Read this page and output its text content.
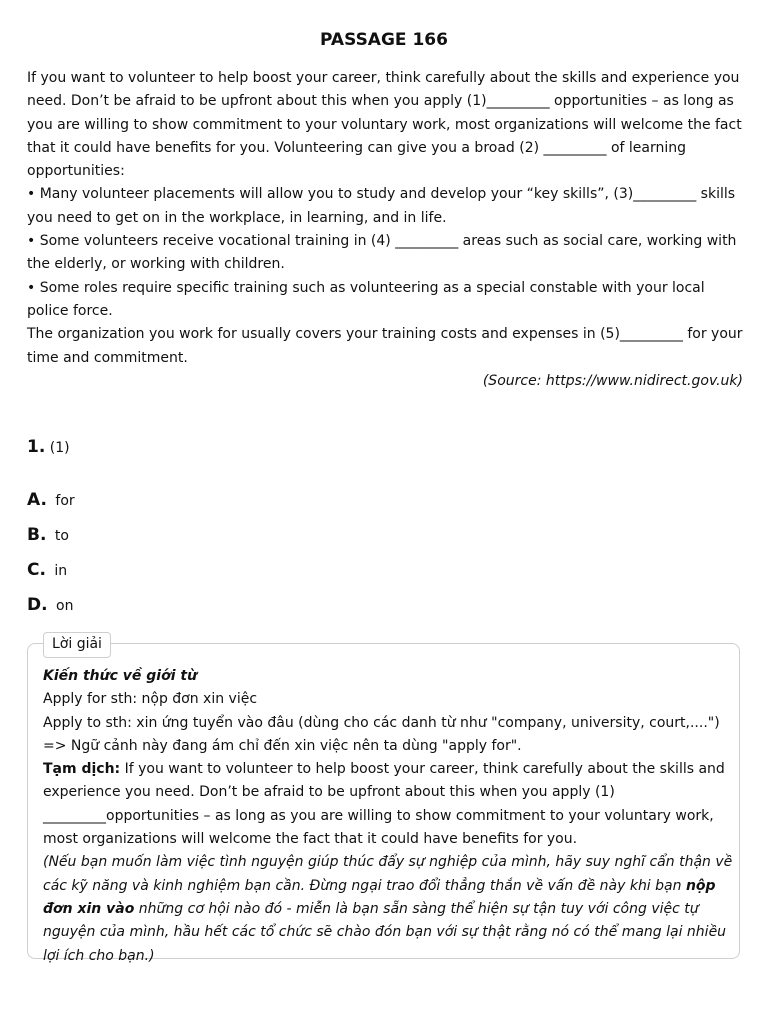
PASSAGE 166

If you want to volunteer to help boost your career, think carefully about the skills and experience you need. Don’t be afraid to be upfront about this when you apply (1)_________ opportunities – as long as you are willing to show commitment to your voluntary work, most organizations will welcome the fact that it could have benefits for you. Volunteering can give you a broad (2) _________ of learning opportunities:

• Many volunteer placements will allow you to study and develop your “key skills”, (3)_________ skills you need to get on in the workplace, in learning, and in life.

• Some volunteers receive vocational training in (4) _________ areas such as social care, working with the elderly, or working with children.

• Some roles require specific training such as volunteering as a special constable with your local police force.

The organization you work for usually covers your training costs and expenses in (5)_________ for your time and commitment.

(Source: https://www.nidirect.gov.uk)

1. (1)
A. for
B. to
C. in
D. on
Lời giải

Kiến thức về giới từ

Apply for sth: nộp đơn xin việc

Apply to sth: xin ứng tuyển vào đâu (dùng cho các danh từ như "company, university, court,....")

=> Ngữ cảnh này đang ám chỉ đến xin việc nên ta dùng "apply for".

Tạm dịch: If you want to volunteer to help boost your career, think carefully about the skills and experience you need. Don’t be afraid to be upfront about this when you apply (1) _________opportunities – as long as you are willing to show commitment to your voluntary work, most organizations will welcome the fact that it could have benefits for you.

(Nếu bạn muốn làm việc tình nguyện giúp thúc đẩy sự nghiệp của mình, hãy suy nghĩ cẩn thận về các kỹ năng và kinh nghiệm bạn cần. Đừng ngại trao đổi thẳng thắn về vấn đề này khi bạn nộp đơn xin vào những cơ hội nào đó - miễn là bạn sẵn sàng thể hiện sự tận tuy với công việc tự nguyện của mình, hầu hết các tổ chức sẽ chào đón bạn với sự thật rằng nó có thể mang lại nhiều lợi ích cho bạn.)
